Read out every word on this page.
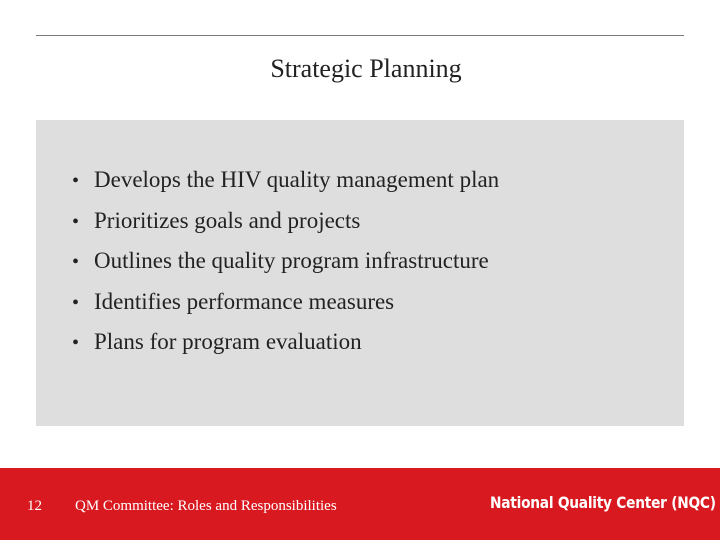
Strategic Planning
• Develops the HIV quality management plan
• Prioritizes goals and projects
• Outlines the quality program infrastructure
• Identifies performance measures
• Plans for program evaluation
12 QM Committee: Roles and Responsibilities	National Quality Center (NQC)
